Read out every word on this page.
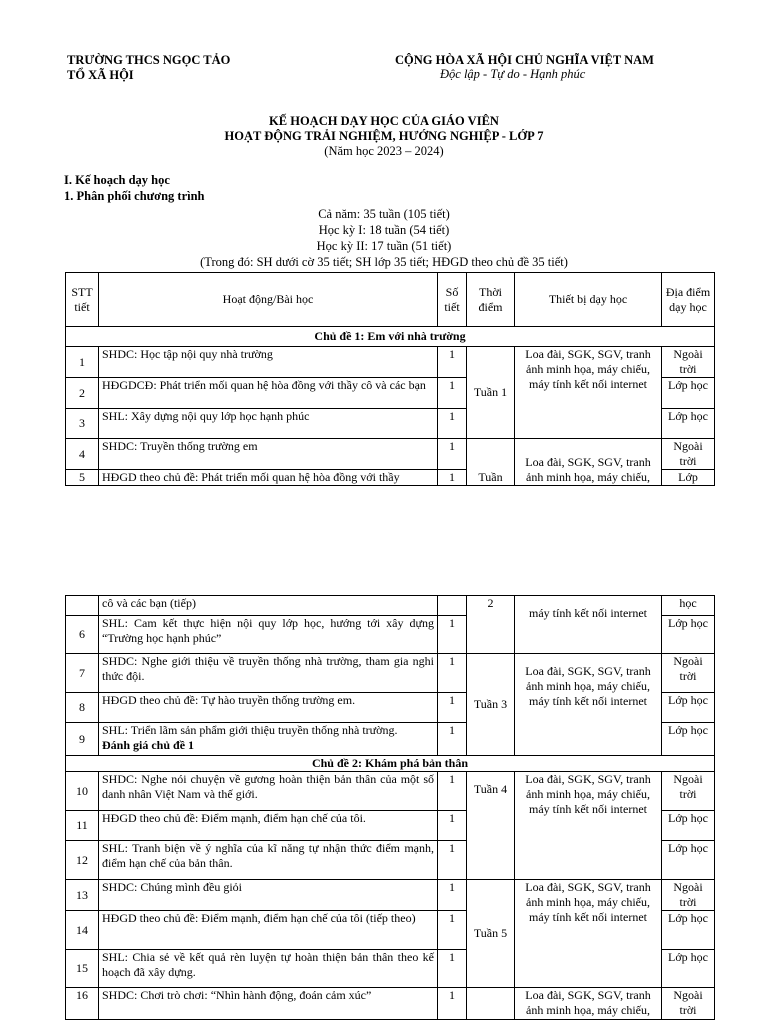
TRƯỜNG THCS NGỌC TẢO
TỔ XÃ HỘI
CỘNG HÒA XÃ HỘI CHỦ NGHĨA VIỆT NAM
Độc lập - Tự do - Hạnh phúc
KẾ HOẠCH DẠY HỌC CỦA GIÁO VIÊN
HOẠT ĐỘNG TRẢI NGHIỆM, HƯỚNG NGHIỆP - LỚP 7
(Năm học 2023 – 2024)
I. Kế hoạch dạy học
1. Phân phối chương trình
Cả năm: 35 tuần (105 tiết)
Học kỳ I: 18 tuần (54 tiết)
Học kỳ II: 17 tuần (51 tiết)
(Trong đó: SH dưới cờ 35 tiết; SH lớp 35 tiết; HĐGD theo chủ đề 35 tiết)
STT tiết	Hoạt động/Bài học	Số tiết	Thời điểm	Thiết bị dạy học	Địa điểm dạy học
Chủ đề 1: Em với nhà trường					
1	SHDC: Học tập nội quy nhà trường	1	Tuần 1	Loa đài, SGK, SGV, tranh ảnh minh họa, máy chiếu, máy tính kết nối internet	Ngoài trời
2	HĐGDCĐ: Phát triển mối quan hệ hòa đồng với thầy cô và các bạn	1			Lớp học
3	SHL: Xây dựng nội quy lớp học hạnh phúc	1			Lớp học
4	SHDC: Truyền thống trường em	1	Tuần	Loa đài, SGK, SGV, tranh ảnh minh họa, máy chiếu,	Ngoài trời
5	HĐGD theo chủ đề: Phát triển mối quan hệ hòa đồng với thầy	1			Lớp
	cô và các bạn (tiếp)		2	máy tính kết nối internet	học
6	SHL: Cam kết thực hiện nội quy lớp học, hướng tới xây dựng “Trường học hạnh phúc”	1			Lớp học
7	SHDC: Nghe giới thiệu về truyền thống nhà trường, tham gia nghi thức đội.	1	Tuần 3	Loa đài, SGK, SGV, tranh ảnh minh họa, máy chiếu, máy tính kết nối internet	Ngoài trời
8	HĐGD theo chủ đề: Tự hào truyền thống trường em.	1			Lớp học
9	SHL: Triển lãm sản phẩm giới thiệu truyền thống nhà trường.
Đánh giá chủ đề 1	1			Lớp học
Chủ đề 2: Khám phá bản thân					
10	SHDC: Nghe nói chuyện về gương hoàn thiện bản thân của một số danh nhân Việt Nam và thế giới.	1	Tuần 4	Loa đài, SGK, SGV, tranh ảnh minh họa, máy chiếu, máy tính kết nối internet	Ngoài trời
11	HĐGD theo chủ đề: Điểm mạnh, điểm hạn chế của tôi.	1			Lớp học
12	SHL: Tranh biện về ý nghĩa của kĩ năng tự nhận thức điểm mạnh, điểm hạn chế của bản thân.	1			Lớp học
13	SHDC: Chúng mình đều giỏi	1	Tuần 5	Loa đài, SGK, SGV, tranh ảnh minh họa, máy chiếu, máy tính kết nối internet	Ngoài trời
14	HĐGD theo chủ đề: Điểm mạnh, điểm hạn chế của tôi (tiếp theo)	1			Lớp học
15	SHL: Chia sẻ về kết quả rèn luyện tự hoàn thiện bản thân theo kế hoạch đã xây dựng.	1			Lớp học
16	SHDC: Chơi trò chơi: “Nhìn hành động, đoán cảm xúc”	1		Loa đài, SGK, SGV, tranh ảnh minh họa, máy chiếu,	Ngoài trời
